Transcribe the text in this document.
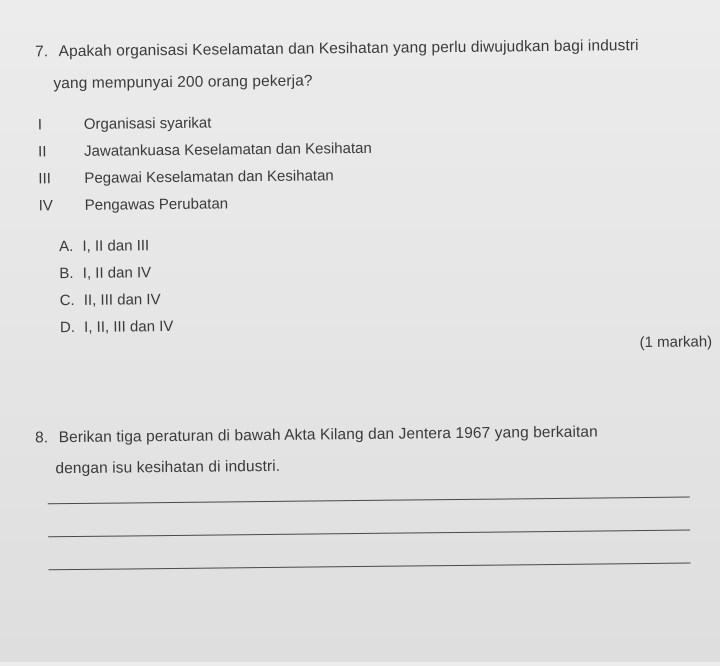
7. Apakah organisasi Keselamatan dan Kesihatan yang perlu diwujudkan bagi industri
yang mempunyai 200 orang pekerja?
I	Organisasi syarikat
II Jawatankuasa Keselamatan dan Kesihatan
III Pegawai Keselamatan dan Kesihatan
IV Pengawas Perubatan
A. I, II dan III
B. I, II dan IV
C. II, III dan IV
D. I, II, III dan IV
(1 markah)
8. Berikan tiga peraturan di bawah Akta Kilang dan Jentera 1967 yang berkaitan
dengan isu kesihatan di industri.
